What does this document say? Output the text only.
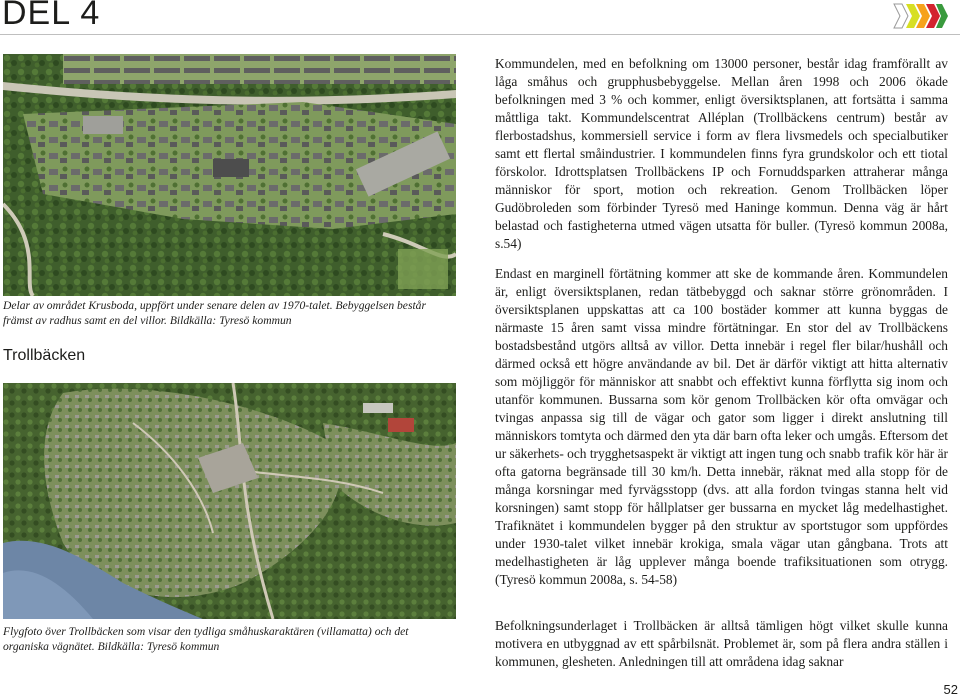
DEL 4
Delar av området Krusboda, uppfört under senare delen av 1970-talet. Bebyggelsen består främst av radhus samt en del villor. Bildkälla: Tyresö kommun
Trollbäcken
Flygfoto över Trollbäcken som visar den tydliga småhuskaraktären (villamatta) och det organiska vägnätet. Bildkälla: Tyresö kommun

Kommundelen, med en befolkning om 13000 personer, består idag framförallt av låga småhus och grupphusbebyggelse. Mellan åren 1998 och 2006 ökade befolkningen med 3 % och kommer, enligt översiktsplanen, att fortsätta i samma måttliga takt. Kommundelscentrat Alléplan (Trollbäckens centrum) består av flerbostadshus, kommersiell service i form av flera livsmedels och specialbutiker samt ett flertal småindustrier. I kommundelen finns fyra grundskolor och ett tiotal förskolor. Idrottsplatsen Trollbäckens IP och Fornuddsparken attraherar många människor för sport, motion och rekreation. Genom Trollbäcken löper Gudöbroleden som förbinder Tyresö med Haninge kommun. Denna väg är hårt belastad och fastigheterna utmed vägen utsatta för buller. (Tyresö kommun 2008a, s.54)

Endast en marginell förtätning kommer att ske de kommande åren. Kommundelen är, enligt översiktsplanen, redan tätbebyggd och saknar större grönområden. I översiktsplanen uppskattas att ca 100 bostäder kommer att kunna byggas de närmaste 15 åren samt vissa mindre förtätningar. En stor del av Trollbäckens bostadsbestånd utgörs alltså av villor. Detta innebär i regel fler bilar/hushåll och därmed också ett högre användande av bil. Det är därför viktigt att hitta alternativ som möjliggör för människor att snabbt och effektivt kunna förflytta sig inom och utanför kommunen. Bussarna som kör genom Trollbäcken kör ofta omvägar och tvingas anpassa sig till de vägar och gator som ligger i direkt anslutning till människors tomtyta och därmed den yta där barn ofta leker och umgås. Eftersom det ur säkerhets- och trygghetsaspekt är viktigt att ingen tung och snabb trafik kör här är ofta gatorna begränsade till 30 km/h. Detta innebär, räknat med alla stopp för de många korsningar med fyrvägsstopp (dvs. att alla fordon tvingas stanna helt vid korsningen) samt stopp för hållplatser ger bussarna en mycket låg medelhastighet. Trafiknätet i kommundelen bygger på den struktur av sportstugor som uppfördes under 1930-talet vilket innebär krokiga, smala vägar utan gångbana. Trots att medelhastigheten är låg upplever många boende trafiksituationen som otrygg. (Tyresö kommun 2008a, s. 54-58)

Befolkningsunderlaget i Trollbäcken är alltså tämligen högt vilket skulle kunna motivera en utbyggnad av ett spårbilsnät. Problemet är, som på flera andra ställen i kommunen, glesheten. Anledningen till att områdena idag saknar

52
